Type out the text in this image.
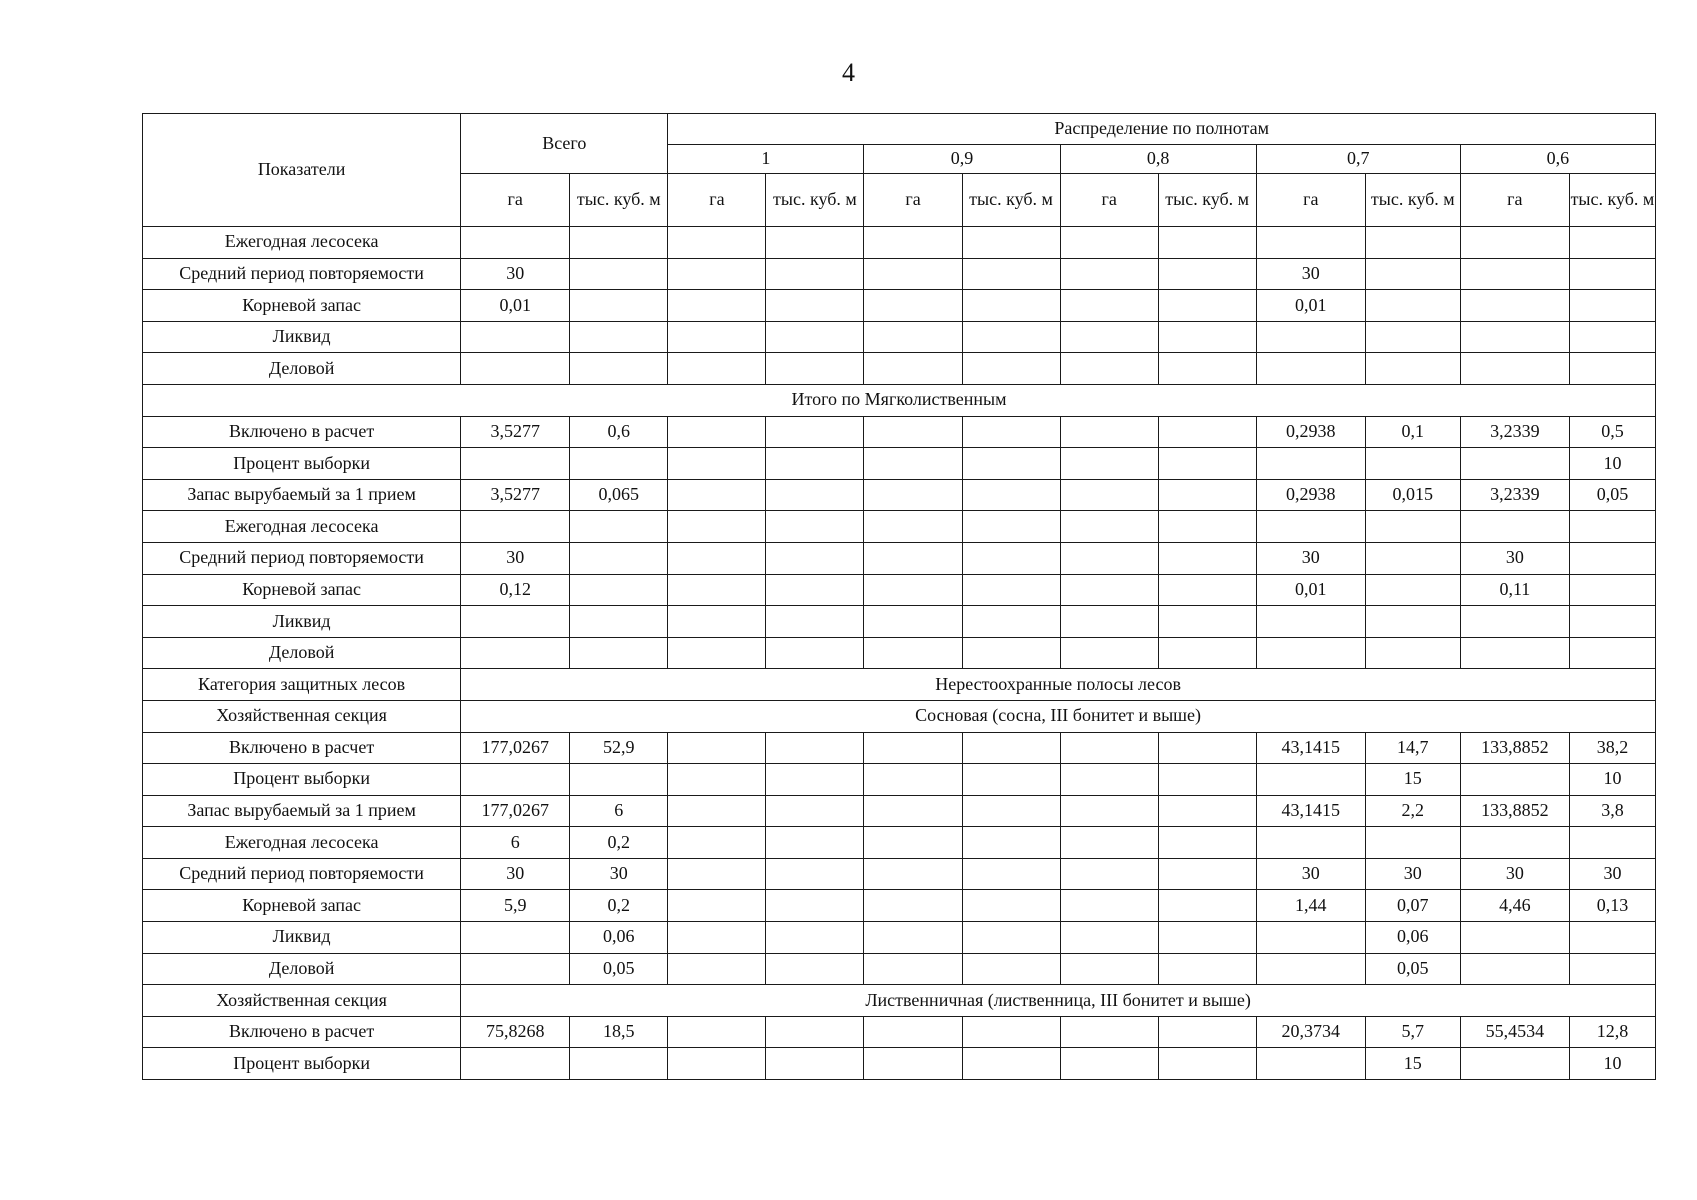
4
Показатели	Всего		Распределение по полнотам									
			1		0,9		0,8		0,7		0,6	
	га	тыс. куб. м	га	тыс. куб. м	га	тыс. куб. м	га	тыс. куб. м	га	тыс. куб. м	га	тыс. куб. м
Ежегодная лесосека												
Средний период повторяемости	30								30			
Корневой запас	0,01								0,01			
Ликвид												
Деловой												
Итого по Мягколиственным												
Включено в расчет	3,5277	0,6							0,2938	0,1	3,2339	0,5
Процент выборки												10
Запас вырубаемый за 1 прием	3,5277	0,065							0,2938	0,015	3,2339	0,05
Ежегодная лесосека												
Средний период повторяемости	30								30		30	
Корневой запас	0,12								0,01		0,11	
Ликвид												
Деловой												
Категория защитных лесов	Нерестоохранные полосы лесов											
Хозяйственная секция	Сосновая (сосна, III бонитет и выше)											
Включено в расчет	177,0267	52,9							43,1415	14,7	133,8852	38,2
Процент выборки										15		10
Запас вырубаемый за 1 прием	177,0267	6							43,1415	2,2	133,8852	3,8
Ежегодная лесосека	6	0,2										
Средний период повторяемости	30	30							30	30	30	30
Корневой запас	5,9	0,2							1,44	0,07	4,46	0,13
Ликвид		0,06								0,06		
Деловой		0,05								0,05		
Хозяйственная секция	Лиственничная (лиственница, III бонитет и выше)											
Включено в расчет	75,8268	18,5							20,3734	5,7	55,4534	12,8
Процент выборки										15		10
